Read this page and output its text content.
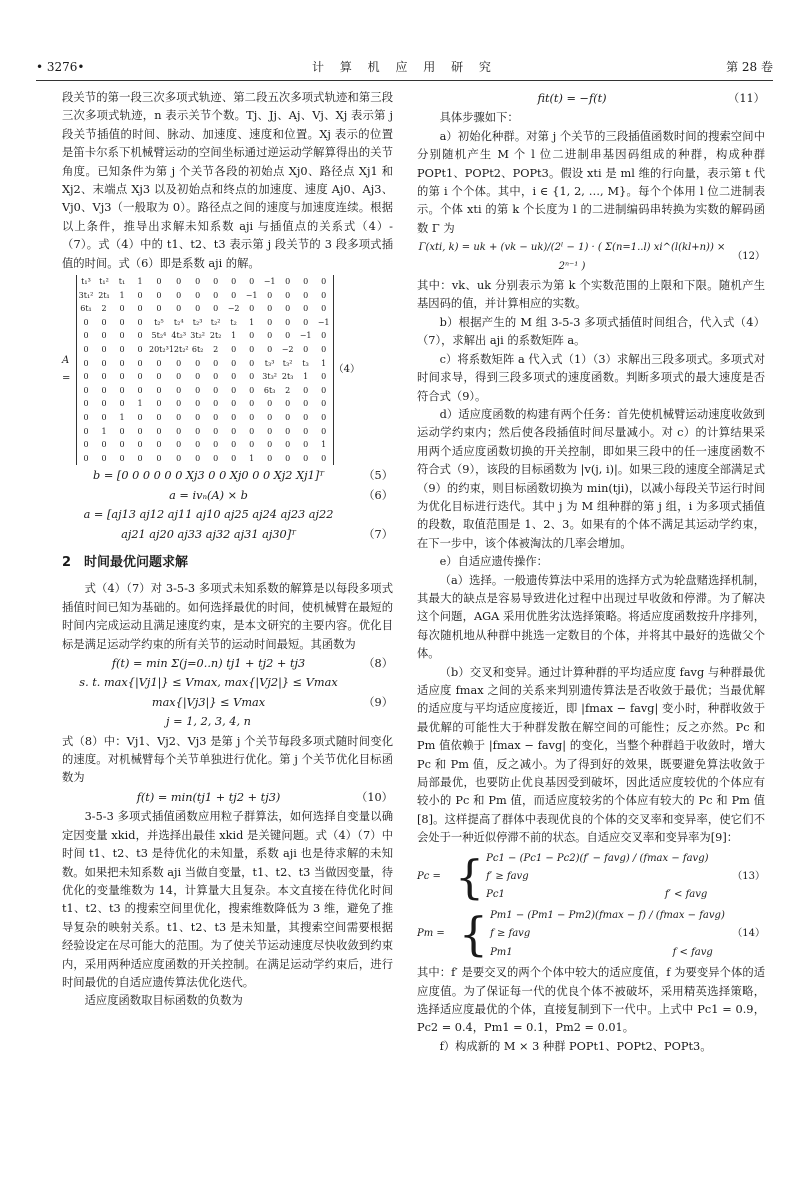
• 3276•	计 算 机 应 用 研 究	第 28 卷

段关节的第一段三次多项式轨迹、第二段五次多项式轨迹和第三段三次多项式轨迹，n 表示关节个数。Tj、Jj、Aj、Vj、Xj 表示第 j 段关节插值的时间、脉动、加速度、速度和位置。Xj 表示的位置是笛卡尔系下机械臂运动的空间坐标通过逆运动学解算得出的关节角度。已知条件为第 j 个关节各段的初始点 Xj0、路径点 Xj1 和 Xj2、末端点 Xj3 以及初始点和终点的加速度、速度 Aj0、Aj3、Vj0、Vj3（一般取为 0）。路径点之间的速度与加速度连续。根据以上条件，推导出求解未知系数 aji 与插值点的关系式（4）-（7）。式（4）中的 t1、t2、t3 表示第 j 段关节的 3 段多项式插值的时间。式（6）即是系数 aji 的解。

A =
t₁³	t₁²	t₁	1	0	0	0	0	0	0	−1	0	0	0
3t₁²	2t₁	1	0	0	0	0	0	0	−1	0	0	0	0
6t₁	2	0	0	0	0	0	0	−2	0	0	0	0	0
0	0	0	0	t₂⁵	t₂⁴	t₂³	t₂²	t₂	1	0	0	0	−1
0	0	0	0	5t₂⁴	4t₂³	3t₂²	2t₂	1	0	0	0	−1	0
0	0	0	0	20t₂³	12t₂²	6t₂	2	0	0	0	−2	0	0
0	0	0	0	0	0	0	0	0	0	t₃³	t₃²	t₃	1
0	0	0	0	0	0	0	0	0	0	3t₃²	2t₃	1	0
0	0	0	0	0	0	0	0	0	0	6t₃	2	0	0
0	0	0	1	0	0	0	0	0	0	0	0	0	0
0	0	1	0	0	0	0	0	0	0	0	0	0	0
0	1	0	0	0	0	0	0	0	0	0	0	0	0
0	0	0	0	0	0	0	0	0	0	0	0	0	1
0	0	0	0	0	0	0	0	0	1	0	0	0	0
（4）
b = [0 0 0 0 0 0 Xj3 0 0 Xj0 0 0 Xj2 Xj1]ᵀ	（5）
a = ivₙ(A) × b	（6）
a = [aj13 aj12 aj11 aj10 aj25 aj24 aj23 aj22
aj21 aj20 aj33 aj32 aj31 aj30]ᵀ	（7）
2　时间最优问题求解

式（4）（7）对 3-5-3 多项式未知系数的解算是以每段多项式插值时间已知为基础的。如何选择最优的时间，使机械臂在最短的时间内完成运动且满足速度约束，是本文研究的主要内容。优化目标是满足运动学约束的所有关节的运动时间最短。其函数为

f(t) = min Σ(j=0..n) tj1 + tj2 + tj3	（8）
s. t. max{|Vj1|} ≤ Vmax, max{|Vj2|} ≤ Vmax
max{|Vj3|} ≤ Vmax	（9）
j = 1, 2, 3, 4, n

式（8）中：Vj1、Vj2、Vj3 是第 j 个关节每段多项式随时间变化的速度。对机械臂每个关节单独进行优化。第 j 个关节优化目标函数为

f(t) = min(tj1 + tj2 + tj3)	（10）

3-5-3 多项式插值函数应用粒子群算法，如何选择自变量以确定因变量 xkid，并选择出最佳 xkid 是关键问题。式（4）（7）中时间 t1、t2、t3 是待优化的未知量，系数 aji 也是待求解的未知数。如果把未知系数 aji 当做自变量，t1、t2、t3 当做因变量，待优化的变量维数为 14，计算量大且复杂。本文直接在待优化时间 t1、t2、t3 的搜索空间里优化，搜索维数降低为 3 维，避免了推导复杂的映射关系。t1、t2、t3 是未知量，其搜索空间需要根据经验设定在尽可能大的范围。为了使关节运动速度尽快收敛到约束内，采用两种适应度函数的开关控制。在满足运动学约束后，进行时间最优的自适应遗传算法优化迭代。

适应度函数取目标函数的负数为

fit(t) = −f(t)	（11）

具体步骤如下：

a）初始化种群。对第 j 个关节的三段插值函数时间的搜索空间中分别随机产生 M 个 l 位二进制串基因码组成的种群，构成种群 POPt1、POPt2、POPt3。假设 xti 是 ml 维的行向量，表示第 t 代的第 i 个个体。其中，i ∈ {1, 2, …, M}。每个个体用 l 位二进制表示。个体 xti 的第 k 个长度为 l 的二进制编码串转换为实数的解码函数 Γ 为

Γ(xti, k) = uk + (vk − uk)/(2ˡ − 1) · ( Σ(n=1..l) xi^(l(kl+n)) × 2ⁿ⁻¹ )
（12）

其中：vk、uk 分别表示为第 k 个实数范围的上限和下限。随机产生基因码的值，并计算相应的实数。

b）根据产生的 M 组 3-5-3 多项式插值时间组合，代入式（4）（7），求解出 aji 的系数矩阵 a。

c）将系数矩阵 a 代入式（1）（3）求解出三段多项式。多项式对时间求导，得到三段多项式的速度函数。判断多项式的最大速度是否符合式（9）。

d）适应度函数的构建有两个任务：首先使机械臂运动速度收敛到运动学约束内；然后使各段插值时间尽量减小。对 c）的计算结果采用两个适应度函数切换的开关控制，即如果三段中的任一速度函数不符合式（9），该段的目标函数为 |v(j, i)|。如果三段的速度全部满足式（9）的约束，则目标函数切换为 min(tji)，以减小每段关节运行时间为优化目标进行迭代。其中 j 为 M 组种群的第 j 组，i 为多项式插值的段数，取值范围是 1、2、3。如果有的个体不满足其运动学约束，在下一步中，该个体被淘汰的几率会增加。

e）自适应遗传操作：

（a）选择。一般遗传算法中采用的选择方式为轮盘赌选择机制，其最大的缺点是容易导致进化过程中出现过早收敛和停滞。为了解决这个问题，AGA 采用优胜劣汰选择策略。将适应度函数按升序排列，每次随机地从种群中挑选一定数目的个体，并将其中最好的选做父个体。

（b）交叉和变异。通过计算种群的平均适应度 favg 与种群最优适应度 fmax 之间的关系来判别遗传算法是否收敛于最优；当最优解的适应度与平均适应度接近，即 |fmax − favg| 变小时，种群收敛于最优解的可能性大于种群发散在解空间的可能性；反之亦然。Pc 和 Pm 值依赖于 |fmax − favg| 的变化，当整个种群趋于收敛时，增大 Pc 和 Pm 值，反之减小。为了得到好的效果，既要避免算法收敛于局部最优，也要防止优良基因受到破坏，因此适应度较优的个体应有较小的 Pc 和 Pm 值，而适应度较劣的个体应有较大的 Pc 和 Pm 值[8]。这样提高了群体中表现优良的个体的交叉率和变异率，使它们不会处于一种近似停滞不前的状态。自适应交叉率和变异率为[9]：

Pc = { Pc1 − (Pc1 − Pc2)(f′ − favg) / (fmax − favg)　　f′ ≥ favg
Pc1　　　　　　　　　　　　　　　　f′ < favg
（13）
Pm = { Pm1 − (Pm1 − Pm2)(fmax − f) / (fmax − favg)　　f ≥ favg
Pm1　　　　　　　　　　　　　　　　f < favg
（14）

其中：f′ 是要交叉的两个个体中较大的适应度值，f 为要变异个体的适应度值。为了保证每一代的优良个体不被破坏，采用精英选择策略，选择适应度最优的个体，直接复制到下一代中。上式中 Pc1 = 0.9，Pc2 = 0.4，Pm1 = 0.1，Pm2 = 0.01。

f）构成新的 M × 3 种群 POPt1、POPt2、POPt3。
